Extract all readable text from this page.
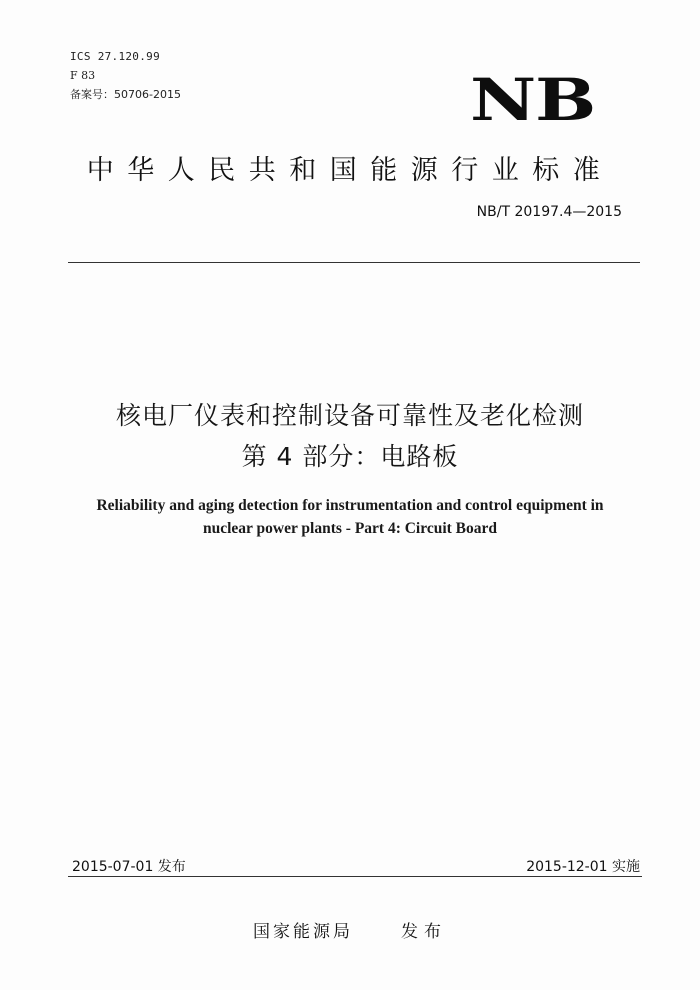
ICS 27.120.99
F 83
备案号：50706-2015	NB
中华人民共和国能源行业标准
NB/T 20197.4—2015
核电厂仪表和控制设备可靠性及老化检测
第 4 部分：电路板
Reliability and aging detection for instrumentation and control equipment in
nuclear power plants - Part 4: Circuit Board
2015-07-01 发布	2015-12-01 实施
国家能源局	发布
